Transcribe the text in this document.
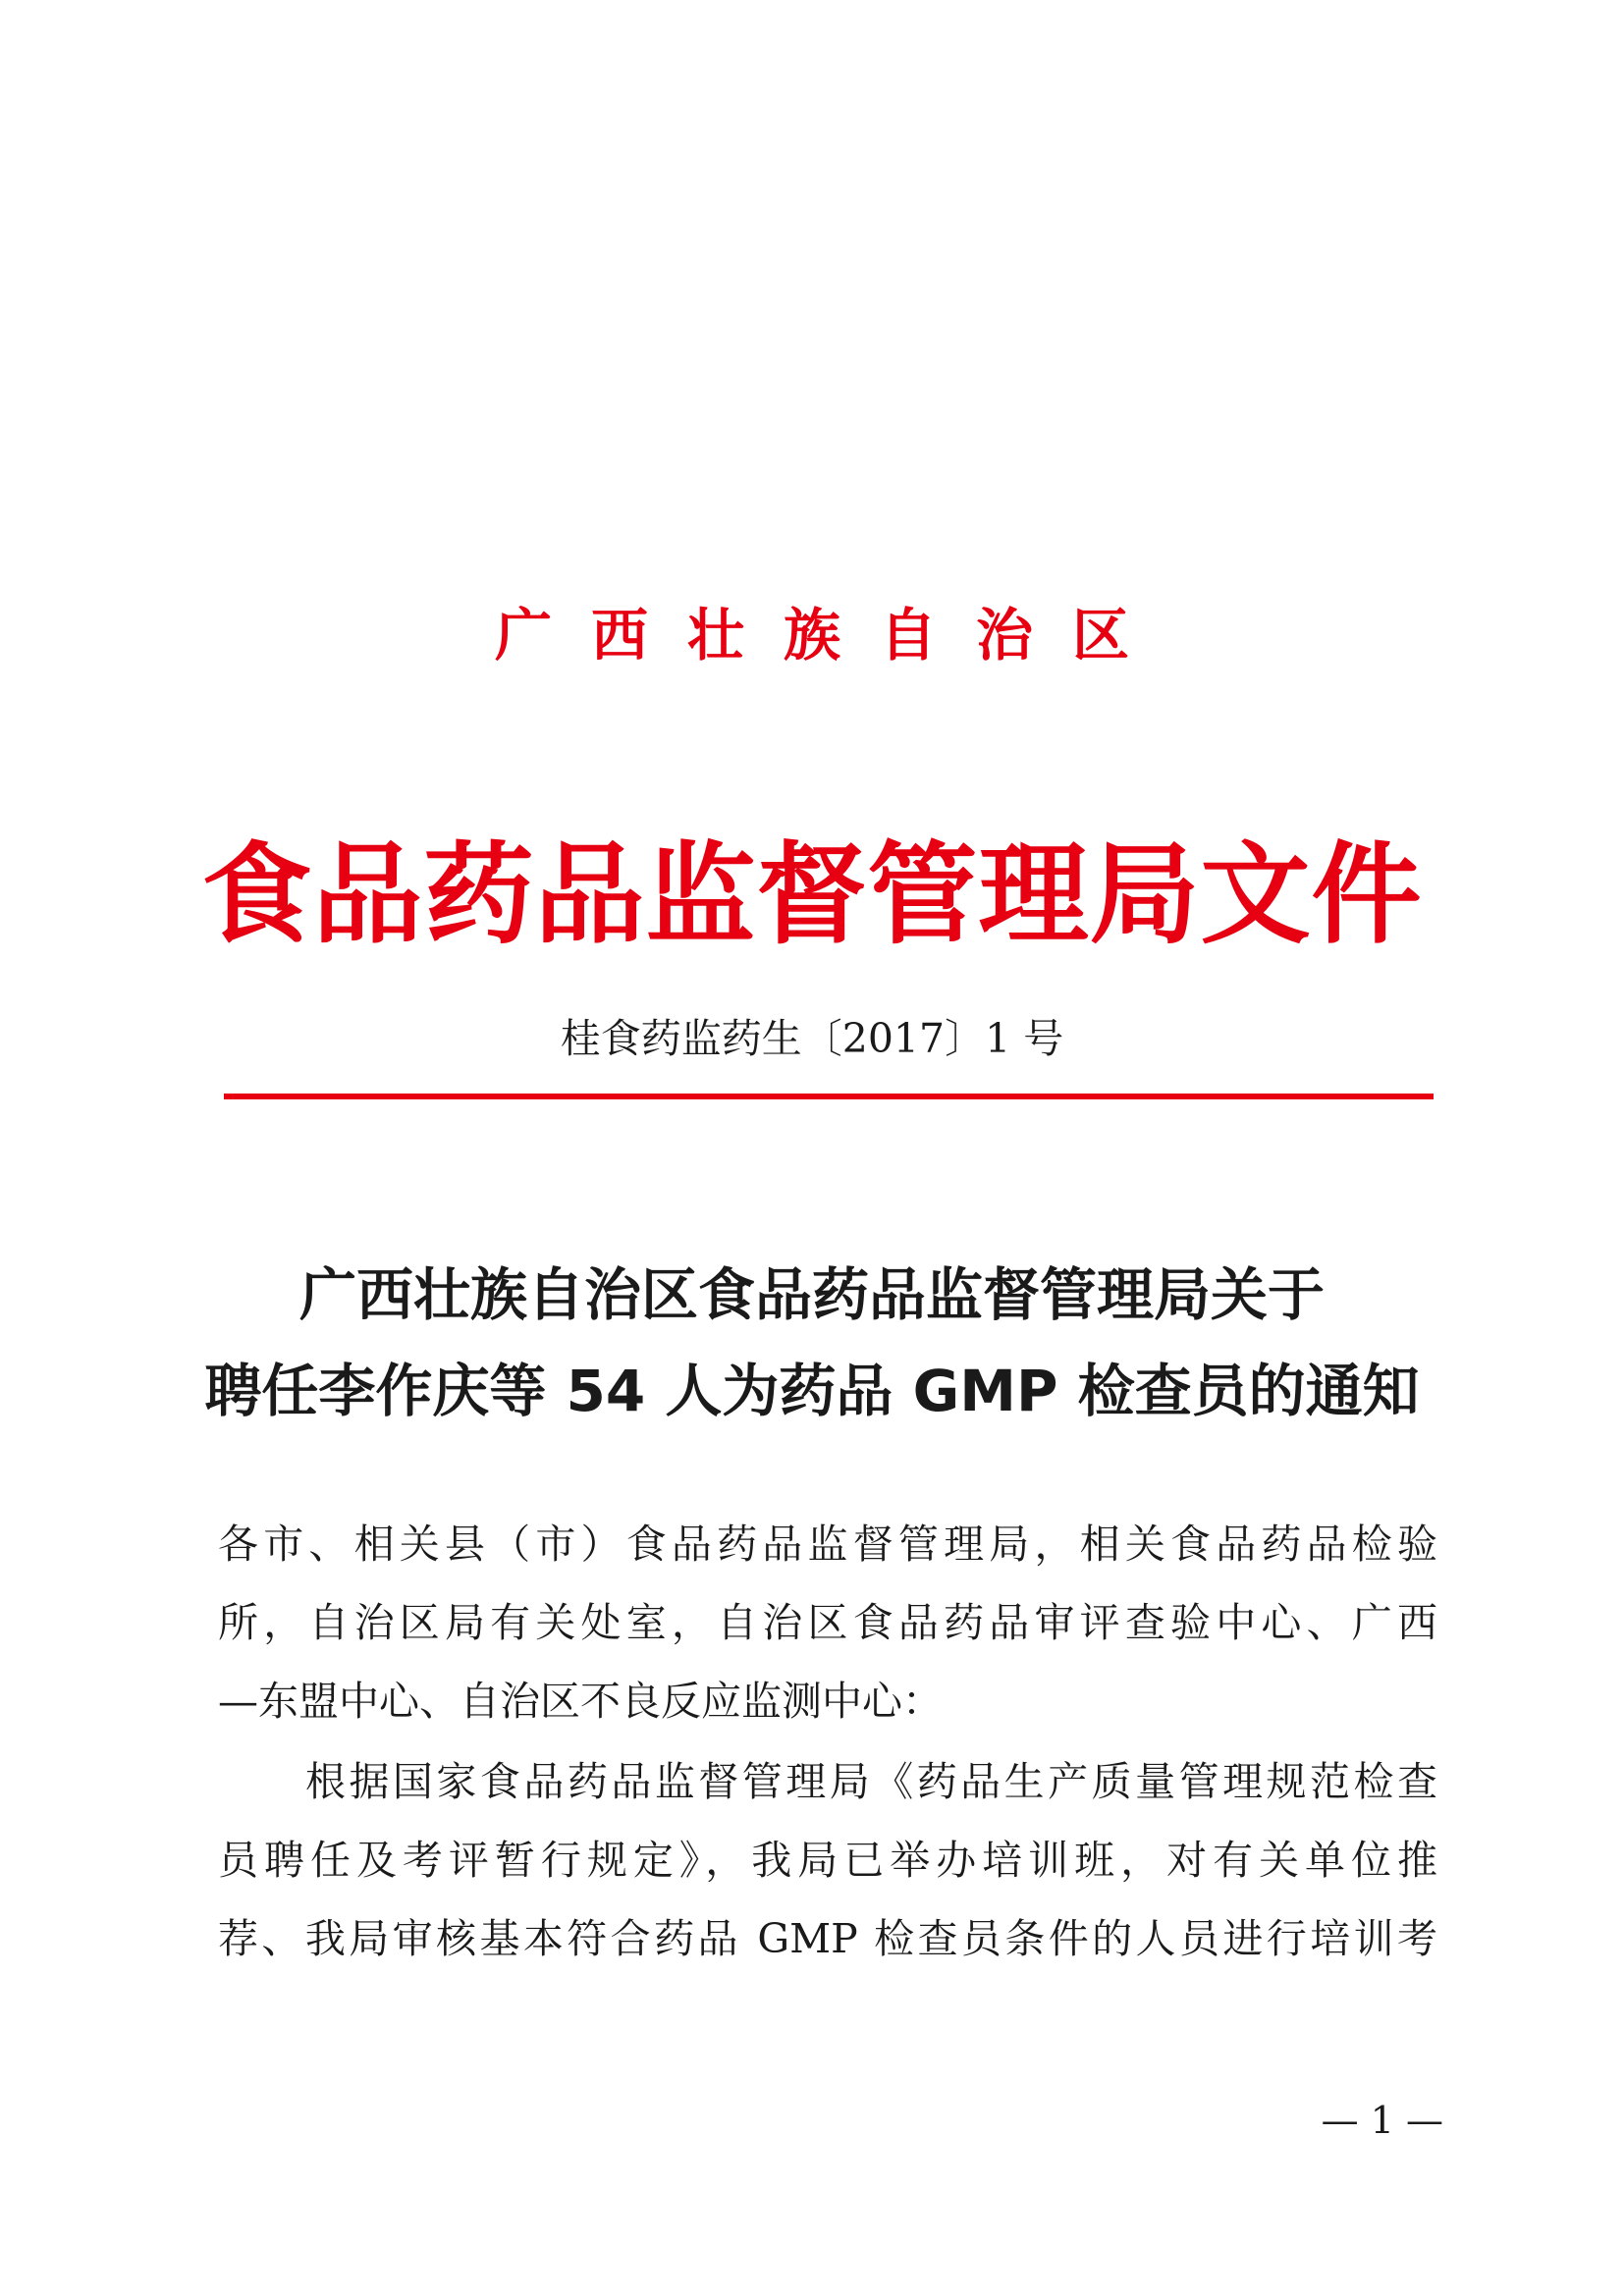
广西壮族自治区
食品药品监督管理局文件
桂食药监药生〔2017〕1 号
广西壮族自治区食品药品监督管理局关于
聘任李作庆等 54 人为药品 GMP 检查员的通知
各市、相关县（市）食品药品监督管理局，相关食品药品检验
所，自治区局有关处室，自治区食品药品审评查验中心、广西
—东盟中心、自治区不良反应监测中心：
　　根据国家食品药品监督管理局《药品生产质量管理规范检查
员聘任及考评暂行规定》，我局已举办培训班，对有关单位推
荐、我局审核基本符合药品 GMP 检查员条件的人员进行培训考
— 1 —
